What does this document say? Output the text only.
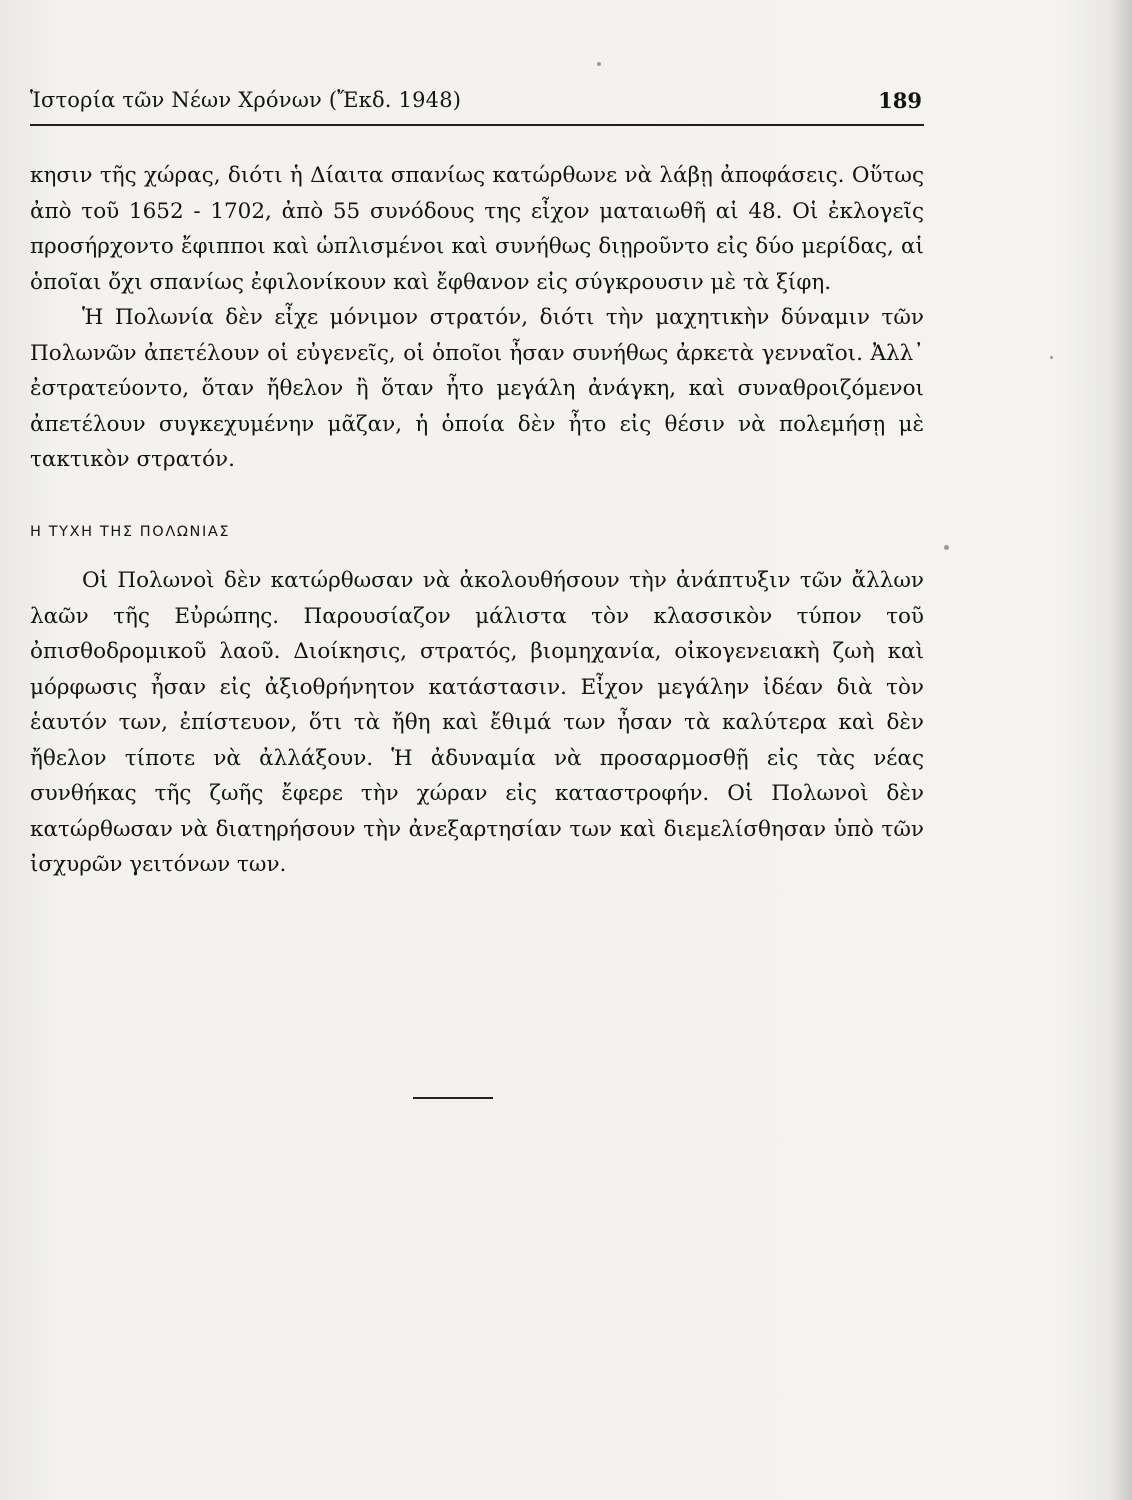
Ἱστορία τῶν Νέων Χρόνων (Ἔκδ. 1948)	189

κησιν τῆς χώρας, διότι ἡ Δίαιτα σπανίως κατώρθωνε νὰ λάβῃ ἀποφάσεις. Οὕτως ἀπὸ τοῦ 1652 - 1702, ἀπὸ 55 συνόδους της εἶχον ματαιωθῆ αἱ 48. Οἱ ἐκλογεῖς προσήρχοντο ἔφιπποι καὶ ὡπλισμένοι καὶ συνήθως διῃροῦντο εἰς δύο μερίδας, αἱ ὁποῖαι ὄχι σπανίως ἐφιλονίκουν καὶ ἔφθανον εἰς σύγκρουσιν μὲ τὰ ξίφη.

Ἡ Πολωνία δὲν εἶχε μόνιμον στρατόν, διότι τὴν μαχητικὴν δύναμιν τῶν Πολωνῶν ἀπετέλουν οἱ εὐγενεῖς, οἱ ὁποῖοι ἦσαν συνήθως ἀρκετὰ γενναῖοι. Ἀλλ᾽ ἐστρατεύοντο, ὅταν ἤθελον ἢ ὅταν ἦτο μεγάλη ἀνάγκη, καὶ συναθροιζόμενοι ἀπετέλουν συγκεχυμένην μᾶζαν, ἡ ὁποία δὲν ἦτο εἰς θέσιν νὰ πολεμήσῃ μὲ τακτικὸν στρατόν.

Η ΤΥΧΗ ΤΗΣ ΠΟΛΩΝΙΑΣ

Οἱ Πολωνοὶ δὲν κατώρθωσαν νὰ ἀκολουθήσουν τὴν ἀνάπτυξιν τῶν ἄλλων λαῶν τῆς Εὐρώπης. Παρουσίαζον μάλιστα τὸν κλασσικὸν τύπον τοῦ ὀπισθοδρομικοῦ λαοῦ. Διοίκησις, στρατός, βιομηχανία, οἰκογενειακὴ ζωὴ καὶ μόρφωσις ἦσαν εἰς ἀξιοθρήνητον κατάστασιν. Εἶχον μεγάλην ἰδέαν διὰ τὸν ἑαυτόν των, ἐπίστευον, ὅτι τὰ ἤθη καὶ ἔθιμά των ἦσαν τὰ καλύτερα καὶ δὲν ἤθελον τίποτε νὰ ἀλλάξουν. Ἡ ἀδυναμία νὰ προσαρμοσθῇ εἰς τὰς νέας συνθήκας τῆς ζωῆς ἔφερε τὴν χώραν εἰς καταστροφήν. Οἱ Πολωνοὶ δὲν κατώρθωσαν νὰ διατηρήσουν τὴν ἀνεξαρτησίαν των καὶ διεμελίσθησαν ὑπὸ τῶν ἰσχυρῶν γειτόνων των.
